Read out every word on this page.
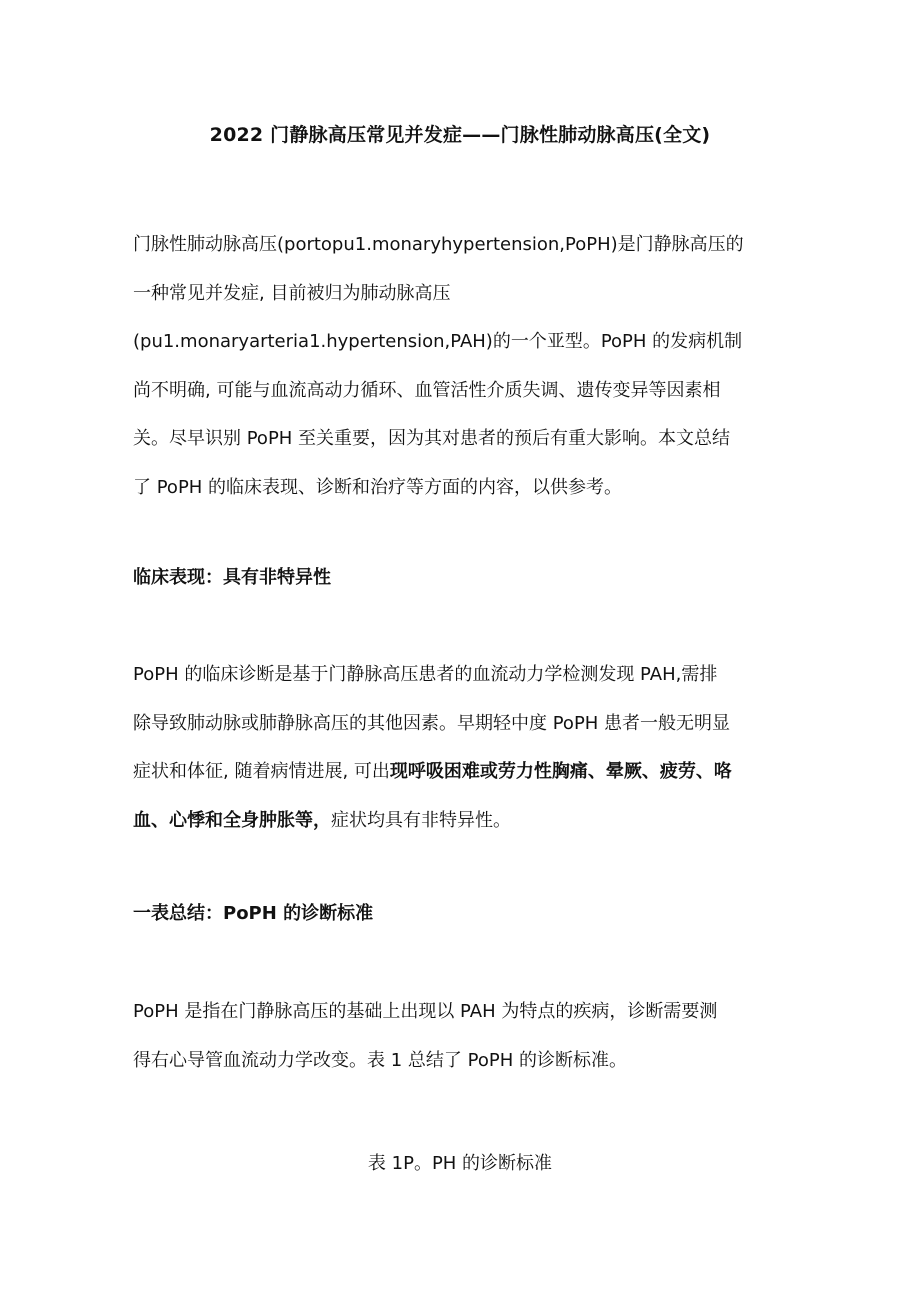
2022 门静脉高压常见并发症——门脉性肺动脉高压(全文)
门脉性肺动脉高压(portopu1.monaryhypertension,PoPH)是门静脉高压的
一种常见并发症, 目前被归为肺动脉高压
(pu1.monaryarteria1.hypertension,PAH)的一个亚型。PoPH 的发病机制
尚不明确, 可能与血流高动力循环、血管活性介质失调、遗传变异等因素相
关。尽早识别 PoPH 至关重要，因为其对患者的预后有重大影响。本文总结
了 PoPH 的临床表现、诊断和治疗等方面的内容，以供参考。
临床表现：具有非特异性
PoPH 的临床诊断是基于门静脉高压患者的血流动力学检测发现 PAH,需排
除导致肺动脉或肺静脉高压的其他因素。早期轻中度 PoPH 患者一般无明显
症状和体征, 随着病情进展, 可出现呼吸困难或劳力性胸痛、晕厥、疲劳、咯
血、心悸和全身肿胀等，症状均具有非特异性。
一表总结：PoPH 的诊断标准
PoPH 是指在门静脉高压的基础上出现以 PAH 为特点的疾病，诊断需要测
得右心导管血流动力学改变。表 1 总结了 PoPH 的诊断标准。
表 1P。PH 的诊断标准
